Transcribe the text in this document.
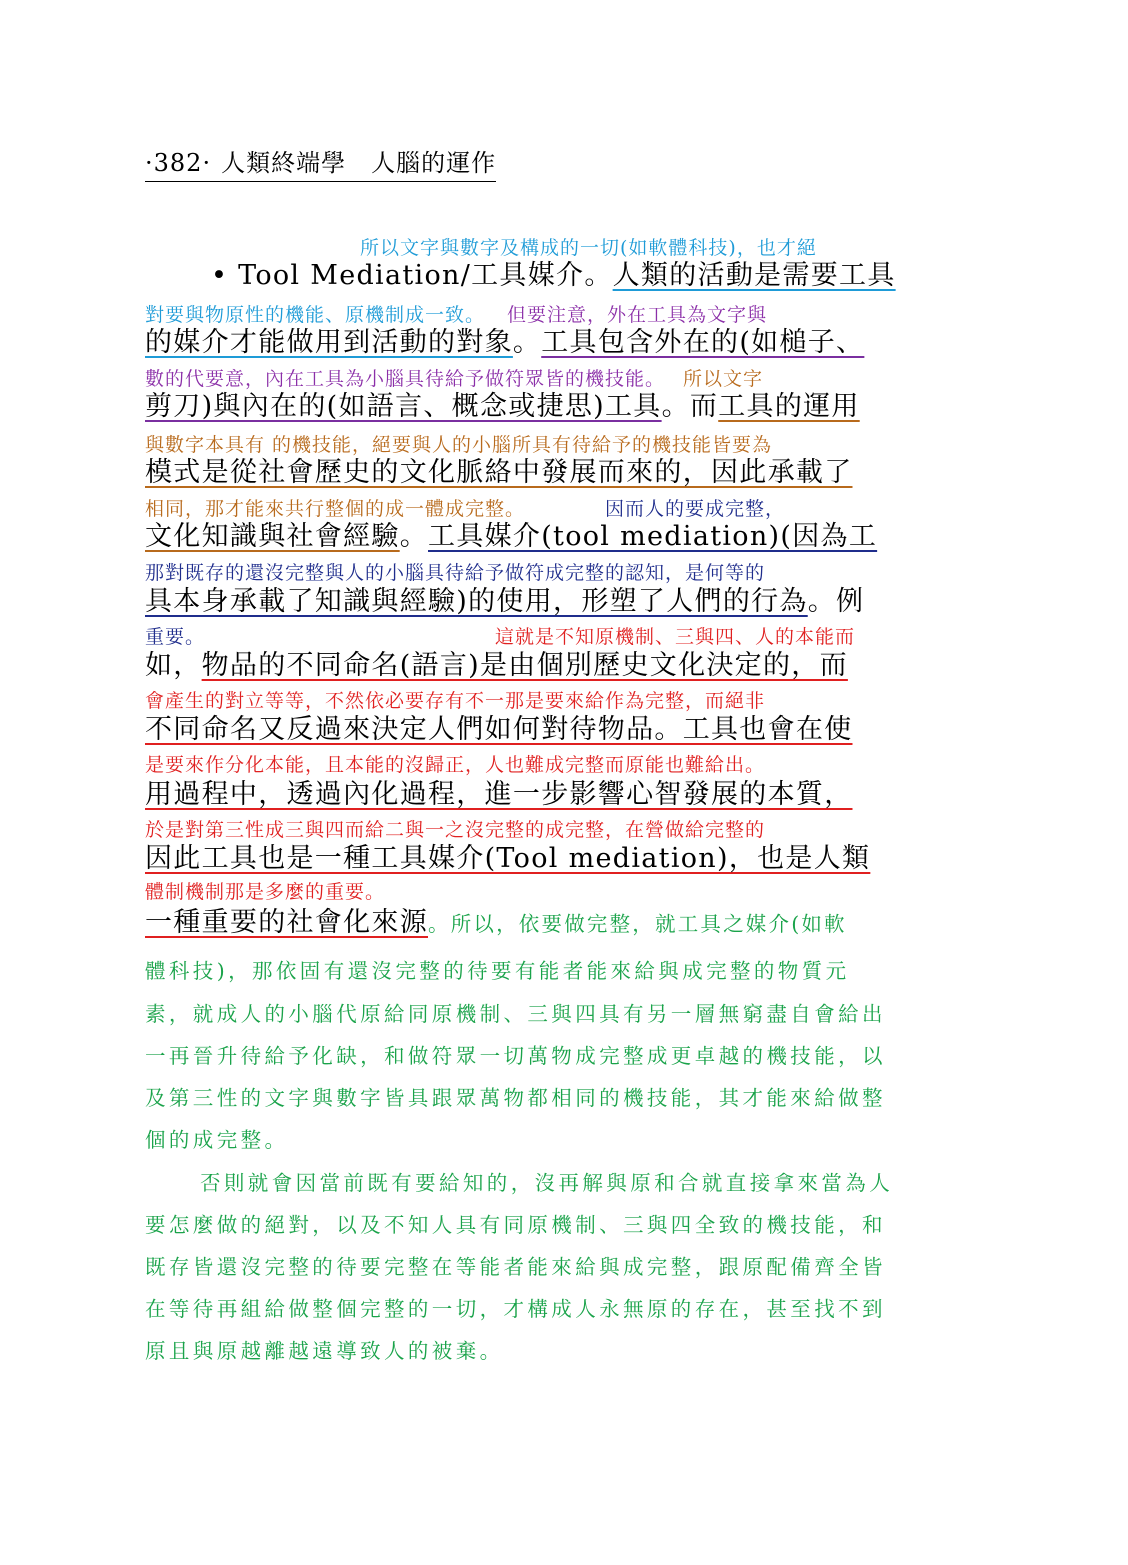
·382· 人類終端學　人腦的運作
所以文字與數字及構成的一切(如軟體科技)，也才絕
• Tool Mediation/工具媒介。人類的活動是需要工具
對要與物原性的機能、原機制成一致。 但要注意，外在工具為文字與
的媒介才能做用到活動的對象。工具包含外在的(如槌子、
數的代要意，內在工具為小腦具待給予做符眾皆的機技能。 所以文字
剪刀)與內在的(如語言、概念或捷思)工具。而工具的運用
與數字本具有 的機技能，絕要與人的小腦所具有待給予的機技能皆要為
模式是從社會歷史的文化脈絡中發展而來的，因此承載了
相同，那才能來共行整個的成一體成完整。	因而人的要成完整，
文化知識與社會經驗。工具媒介(tool mediation)(因為工
那對既存的還沒完整與人的小腦具待給予做符成完整的認知，是何等的
具本身承載了知識與經驗)的使用，形塑了人們的行為。例
重要。	這就是不知原機制、三與四、人的本能而
如，物品的不同命名(語言)是由個別歷史文化決定的，而
會產生的對立等等，不然依必要存有不一那是要來給作為完整，而絕非
不同命名又反過來決定人們如何對待物品。工具也會在使
是要來作分化本能，且本能的沒歸正，人也難成完整而原能也難給出。
用過程中，透過內化過程，進一步影響心智發展的本質，
於是對第三性成三與四而給二與一之沒完整的成完整，在營做給完整的
因此工具也是一種工具媒介(Tool mediation)，也是人類
體制機制那是多麼的重要。
一種重要的社會化來源。所以，依要做完整，就工具之媒介(如軟
體科技)，那依固有還沒完整的待要有能者能來給與成完整的物質元
素，就成人的小腦代原給同原機制、三與四具有另一層無窮盡自會給出
一再晉升待給予化缺，和做符眾一切萬物成完整成更卓越的機技能，以
及第三性的文字與數字皆具跟眾萬物都相同的機技能，其才能來給做整
個的成完整。
否則就會因當前既有要給知的，沒再解與原和合就直接拿來當為人
要怎麼做的絕對，以及不知人具有同原機制、三與四全致的機技能，和
既存皆還沒完整的待要完整在等能者能來給與成完整，跟原配備齊全皆
在等待再組給做整個完整的一切，才構成人永無原的存在，甚至找不到
原且與原越離越遠導致人的被棄。
